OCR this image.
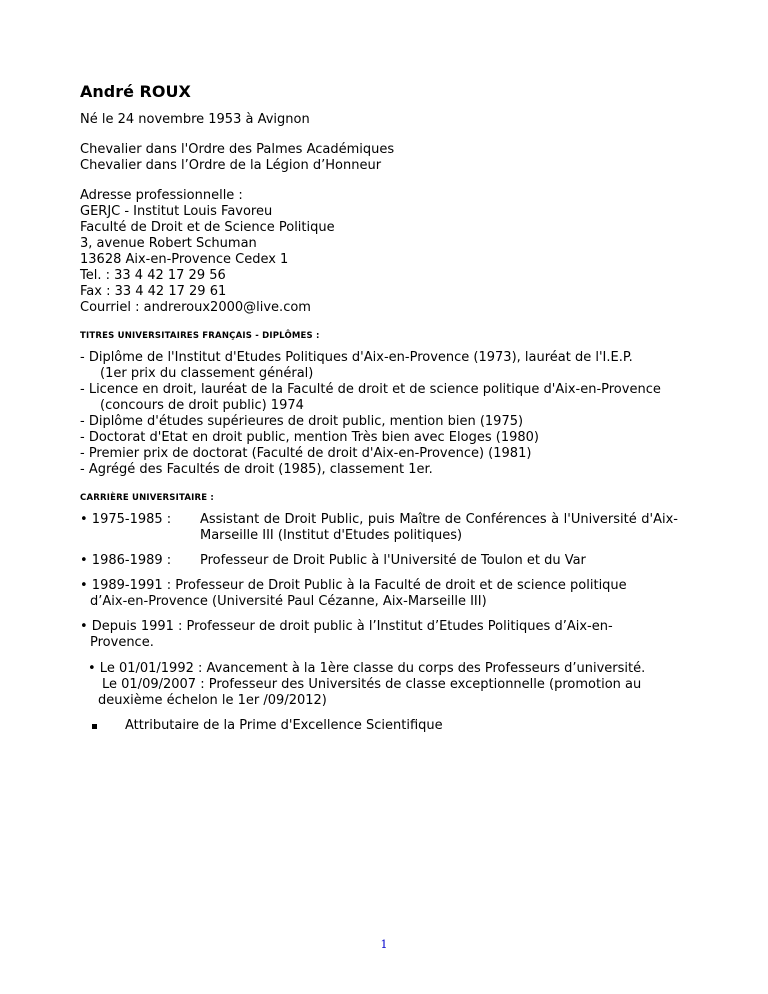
André ROUX

Né le 24 novembre 1953 à Avignon

Chevalier dans l'Ordre des Palmes Académiques

Chevalier dans l’Ordre de la Légion d’Honneur

Adresse professionnelle :

GERJC - Institut Louis Favoreu

Faculté de Droit et de Science Politique

3, avenue Robert Schuman

13628 Aix-en-Provence Cedex 1

Tel. : 33 4 42 17 29 56

Fax : 33 4 42 17 29 61

Courriel : andreroux2000@live.com

TITRES UNIVERSITAIRES FRANÇAIS - DIPLÔMES :
- Diplôme de l'Institut d'Etudes Politiques d'Aix-en-Provence (1973), lauréat de l'I.E.P.
(1er prix du classement général)
- Licence en droit, lauréat de la Faculté de droit et de science politique d'Aix-en-Provence
(concours de droit public) 1974
- Diplôme d'études supérieures de droit public, mention bien (1975)
- Doctorat d'Etat en droit public, mention Très bien avec Eloges (1980)
- Premier prix de doctorat (Faculté de droit d'Aix-en-Provence) (1981)
- Agrégé des Facultés de droit (1985), classement 1er.
CARRIÈRE UNIVERSITAIRE :
• 1975-1985 :	Assistant de Droit Public, puis Maître de Conférences à l'Université d'Aix-Marseille III (Institut d'Etudes politiques)
• 1986-1989 :	Professeur de Droit Public à l'Université de Toulon et du Var
• 1989-1991 : Professeur de Droit Public à la Faculté de droit et de science politique
d’Aix-en-Provence (Université Paul Cézanne, Aix-Marseille III)
• Depuis 1991 : Professeur de droit public à l’Institut d’Etudes Politiques d’Aix-en-
Provence.
• Le 01/01/1992 : Avancement à la 1ère classe du corps des Professeurs d’université.
Le 01/09/2007 : Professeur des Universités de classe exceptionnelle (promotion au
deuxième échelon le 1er /09/2012)
Attributaire de la Prime d'Excellence Scientifique
1
